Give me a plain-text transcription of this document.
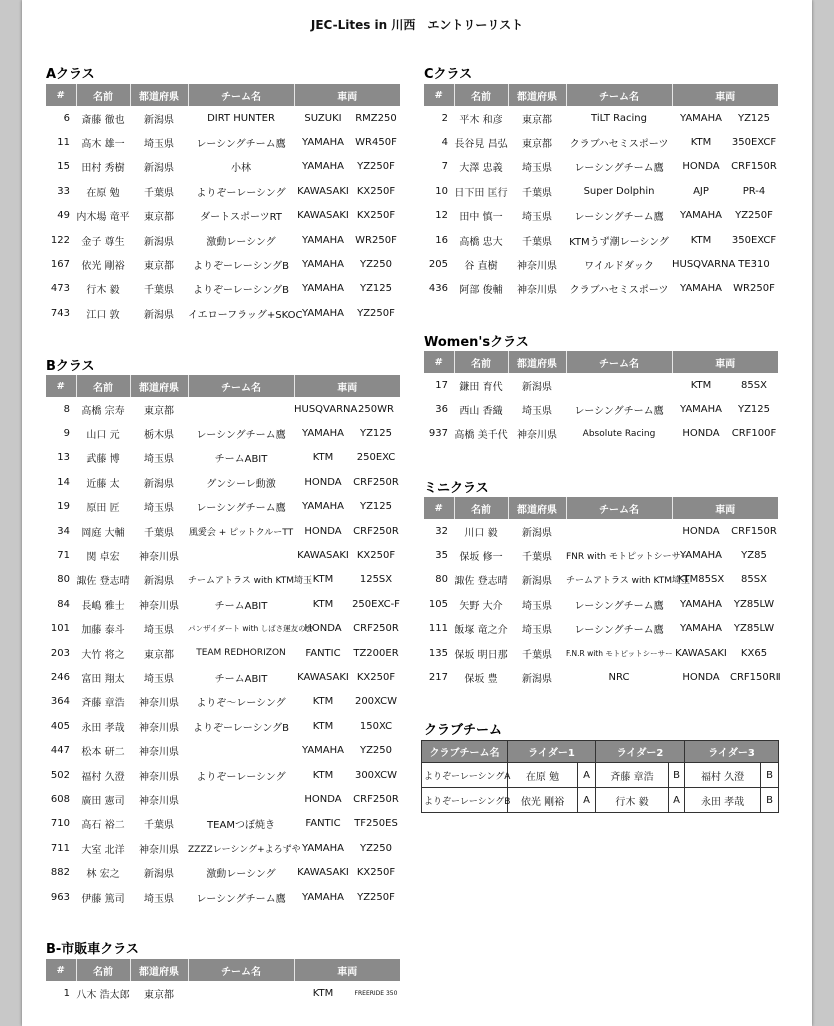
JEC-Lites in 川西　エントリーリスト
Aクラス
#	名前	都道府県	チーム名	車両	
6	斎藤 徹也	新潟県	DIRT HUNTER	SUZUKI	RMZ250
11	高木 雄一	埼玉県	レーシングチーム鷹	YAMAHA	WR450F
15	田村 秀樹	新潟県	小林	YAMAHA	YZ250F
33	在原 勉	千葉県	よりぞーレーシング	KAWASAKI	KX250F
49	内木場 竜平	東京都	ダートスポーツRT	KAWASAKI	KX250F
122	金子 尊生	新潟県	激動レーシング	YAMAHA	WR250F
167	依光 剛裕	東京都	よりぞーレーシングB	YAMAHA	YZ250
473	行木 毅	千葉県	よりぞーレーシングB	YAMAHA	YZ125
743	江口 敦	新潟県	イエローフラッグ+SKOC	YAMAHA	YZ250F
Bクラス
#	名前	都道府県	チーム名	車両	
8	高橋 宗寿	東京都		HUSQVARNA	250WR
9	山口 元	栃木県	レーシングチーム鷹	YAMAHA	YZ125
13	武藤 博	埼玉県	チームABIT	KTM	250EXC
14	近藤 太	新潟県	グンシーレ動激	HONDA	CRF250R
19	原田 匠	埼玉県	レーシングチーム鷹	YAMAHA	YZ125
34	岡庭 大輔	千葉県	風愛会 + ピットクルーTT	HONDA	CRF250R
71	関 卓宏	神奈川県		KAWASAKI	KX250F
80	諏佐 登志晴	新潟県	チームアトラス with KTM埼玉	KTM	125SX
84	長嶋 雅士	神奈川県	チームABIT	KTM	250EXC-F
101	加藤 泰斗	埼玉県	パンザイダート with しばさ運友の会	HONDA	CRF250R
203	大竹 将之	東京都	TEAM REDHORIZON	FANTIC	TZ200ER
246	富田 翔太	埼玉県	チームABIT	KAWASAKI	KX250F
364	斉藤 章浩	神奈川県	よりぞ～レーシング	KTM	200XCW
405	永田 孝哉	神奈川県	よりぞーレーシングB	KTM	150XC
447	松本 研二	神奈川県		YAMAHA	YZ250
502	福村 久澄	神奈川県	よりぞーレーシング	KTM	300XCW
608	廣田 憲司	神奈川県		HONDA	CRF250R
710	高石 裕二	千葉県	TEAMつぼ焼き	FANTIC	TF250ES
711	大室 北洋	神奈川県	ZZZZレーシング+よろずや	YAMAHA	YZ250
882	林 宏之	新潟県	激動レーシング	KAWASAKI	KX250F
963	伊藤 篤司	埼玉県	レーシングチーム鷹	YAMAHA	YZ250F
B-市販車クラス
#	名前	都道府県	チーム名	車両	
1	八木 浩太郎	東京都		KTM	FREERIDE 350
Cクラス
#	名前	都道府県	チーム名	車両	
2	平木 和彦	東京都	TiLT Racing	YAMAHA	YZ125
4	長谷見 昌弘	東京都	クラブハセミスポーツ	KTM	350EXCF
7	大澤 忠義	埼玉県	レーシングチーム鷹	HONDA	CRF150R
10	日下田 匡行	千葉県	Super Dolphin	AJP	PR-4
12	田中 慎一	埼玉県	レーシングチーム鷹	YAMAHA	YZ250F
16	高橋 忠大	千葉県	KTMうず潮レーシング	KTM	350EXCF
205	谷 直樹	神奈川県	ワイルドダック	HUSQVARNA	TE310
436	阿部 俊輔	神奈川県	クラブハセミスポーツ	YAMAHA	WR250F
Women'sクラス
#	名前	都道府県	チーム名	車両	
17	鎌田 育代	新潟県		KTM	85SX
36	西山 香織	埼玉県	レーシングチーム鷹	YAMAHA	YZ125
937	高橋 美千代	神奈川県	Absolute Racing	HONDA	CRF100F
ミニクラス
#	名前	都道府県	チーム名	車両	
32	川口 毅	新潟県		HONDA	CRF150R
35	保坂 修一	千葉県	FNR with モトピットシーサー	YAMAHA	YZ85
80	諏佐 登志晴	新潟県	チームアトラス with KTM埼玉	KTM85SX	85SX
105	矢野 大介	埼玉県	レーシングチーム鷹	YAMAHA	YZ85LW
111	飯塚 竜之介	埼玉県	レーシングチーム鷹	YAMAHA	YZ85LW
135	保坂 明日那	千葉県	F.N.R with モトピットシーサー	KAWASAKI	KX65
217	保坂 豊	新潟県	NRC	HONDA	CRF150RⅡ
クラブチーム
クラブチーム名	ライダー1		ライダー2		ライダー3	
よりぞーレーシングA	在原 勉	A	斉藤 章浩	B	福村 久澄	B
よりぞーレーシングB	依光 剛裕	A	行木 毅	A	永田 孝哉	B
